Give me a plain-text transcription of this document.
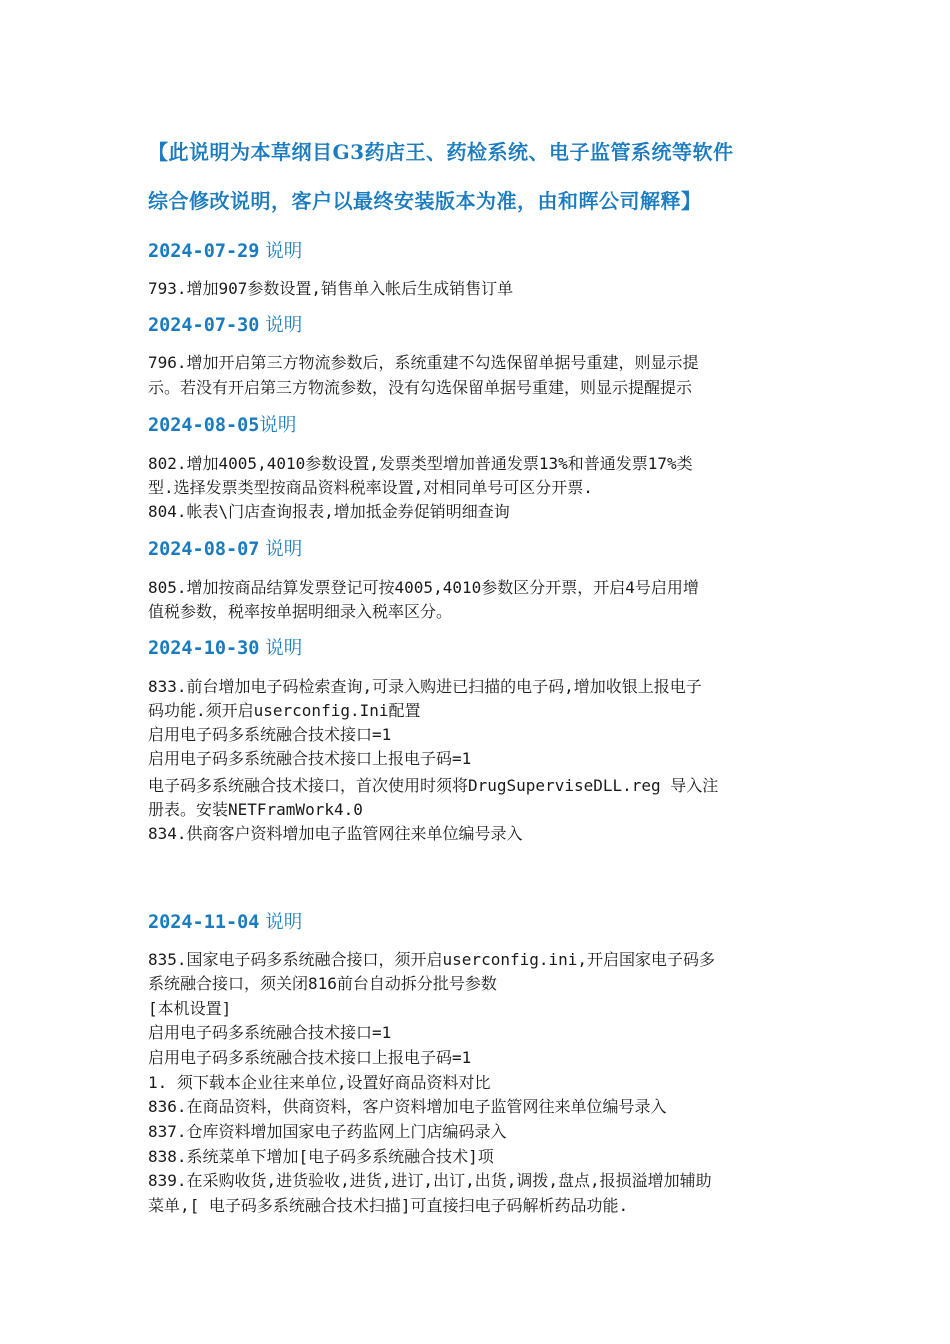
【此说明为本草纲目G3药店王、药检系统、电子监管系统等软件
综合修改说明，客户以最终安装版本为准，由和晖公司解释】
2024-07-29 说明
793.增加907参数设置,销售单入帐后生成销售订单
2024-07-30 说明
796.增加开启第三方物流参数后，系统重建不勾选保留单据号重建，则显示提
示。若没有开启第三方物流参数，没有勾选保留单据号重建，则显示提醒提示
2024-08-05说明
802.增加4005,4010参数设置,发票类型增加普通发票13%和普通发票17%类
型.选择发票类型按商品资料税率设置,对相同单号可区分开票.
804.帐表\门店查询报表,增加抵金券促销明细查询
2024-08-07 说明
805.增加按商品结算发票登记可按4005,4010参数区分开票，开启4号启用增
值税参数，税率按单据明细录入税率区分。
2024-10-30 说明
833.前台增加电子码检索查询,可录入购进已扫描的电子码,增加收银上报电子
码功能.须开启userconfig.Ini配置
启用电子码多系统融合技术接口=1
启用电子码多系统融合技术接口上报电子码=1
电子码多系统融合技术接口，首次使用时须将DrugSuperviseDLL.reg 导入注
册表。安装NETFramWork4.0
834.供商客户资料增加电子监管网往来单位编号录入
2024-11-04 说明
835.国家电子码多系统融合接口，须开启userconfig.ini,开启国家电子码多
系统融合接口，须关闭816前台自动拆分批号参数
[本机设置]
启用电子码多系统融合技术接口=1
启用电子码多系统融合技术接口上报电子码=1
1. 须下载本企业往来单位,设置好商品资料对比
836.在商品资料，供商资料，客户资料增加电子监管网往来单位编号录入
837.仓库资料增加国家电子药监网上门店编码录入
838.系统菜单下增加[电子码多系统融合技术]项
839.在采购收货,进货验收,进货,进订,出订,出货,调拨,盘点,报损溢增加辅助
菜单,[ 电子码多系统融合技术扫描]可直接扫电子码解析药品功能.
